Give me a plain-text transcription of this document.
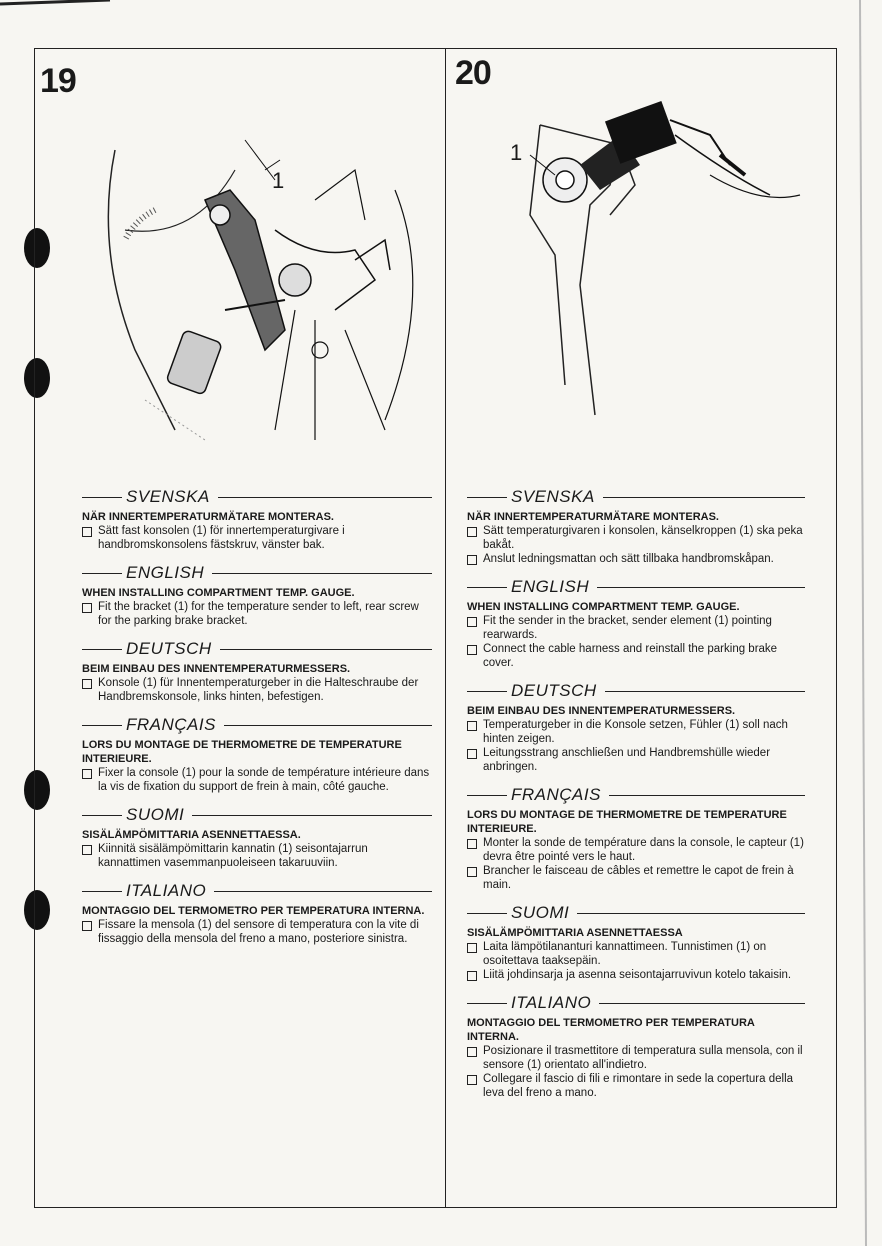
19	20
1
1
SVENSKA
NÄR INNERTEMPERATURMÄTARE MONTERAS.
Sätt fast konsolen (1) för innertemperaturgivare i handbromskonsolens fästskruv, vänster bak.
ENGLISH
WHEN INSTALLING COMPARTMENT TEMP. GAUGE.
Fit the bracket (1) for the temperature sender to left, rear screw for the parking brake bracket.
DEUTSCH
BEIM EINBAU DES INNENTEMPERATURMESSERS.
Konsole (1) für Innentemperaturgeber in die Halteschraube der Handbremskonsole, links hinten, befestigen.
FRANÇAIS
LORS DU MONTAGE DE THERMOMETRE DE TEMPERATURE INTERIEURE.
Fixer la console (1) pour la sonde de température intérieure dans la vis de fixation du support de frein à main, côté gauche.
SUOMI
SISÄLÄMPÖMITTARIA ASENNETTAESSA.
Kiinnitä sisälämpömittarin kannatin (1) seisontajarrun kannattimen vasemmanpuoleiseen takaruuviin.
ITALIANO
MONTAGGIO DEL TERMOMETRO PER TEMPERATURA INTERNA.
Fissare la mensola (1) del sensore di temperatura con la vite di fissaggio della mensola del freno a mano, posteriore sinistra.
SVENSKA
NÄR INNERTEMPERATURMÄTARE MONTERAS.
Sätt temperaturgivaren i konsolen, känselkroppen (1) ska peka bakåt.
Anslut ledningsmattan och sätt tillbaka handbromskåpan.
ENGLISH
WHEN INSTALLING COMPARTMENT TEMP. GAUGE.
Fit the sender in the bracket, sender element (1) pointing rearwards.
Connect the cable harness and reinstall the parking brake cover.
DEUTSCH
BEIM EINBAU DES INNENTEMPERATURMESSERS.
Temperaturgeber in die Konsole setzen, Fühler (1) soll nach hinten zeigen.
Leitungsstrang anschließen und Handbremshülle wieder anbringen.
FRANÇAIS
LORS DU MONTAGE DE THERMOMETRE DE TEMPERATURE INTERIEURE.
Monter la sonde de température dans la console, le capteur (1) devra être pointé vers le haut.
Brancher le faisceau de câbles et remettre le capot de frein à main.
SUOMI
SISÄLÄMPÖMITTARIA ASENNETTAESSA
Laita lämpötilananturi kannattimeen. Tunnistimen (1) on osoitettava taaksepäin.
Liitä johdinsarja ja asenna seisontajarruvivun kotelo takaisin.
ITALIANO
MONTAGGIO DEL TERMOMETRO PER TEMPERATURA INTERNA.
Posizionare il trasmettitore di temperatura sulla mensola, con il sensore (1) orientato all'indietro.
Collegare il fascio di fili e rimontare in sede la copertura della leva del freno a mano.
